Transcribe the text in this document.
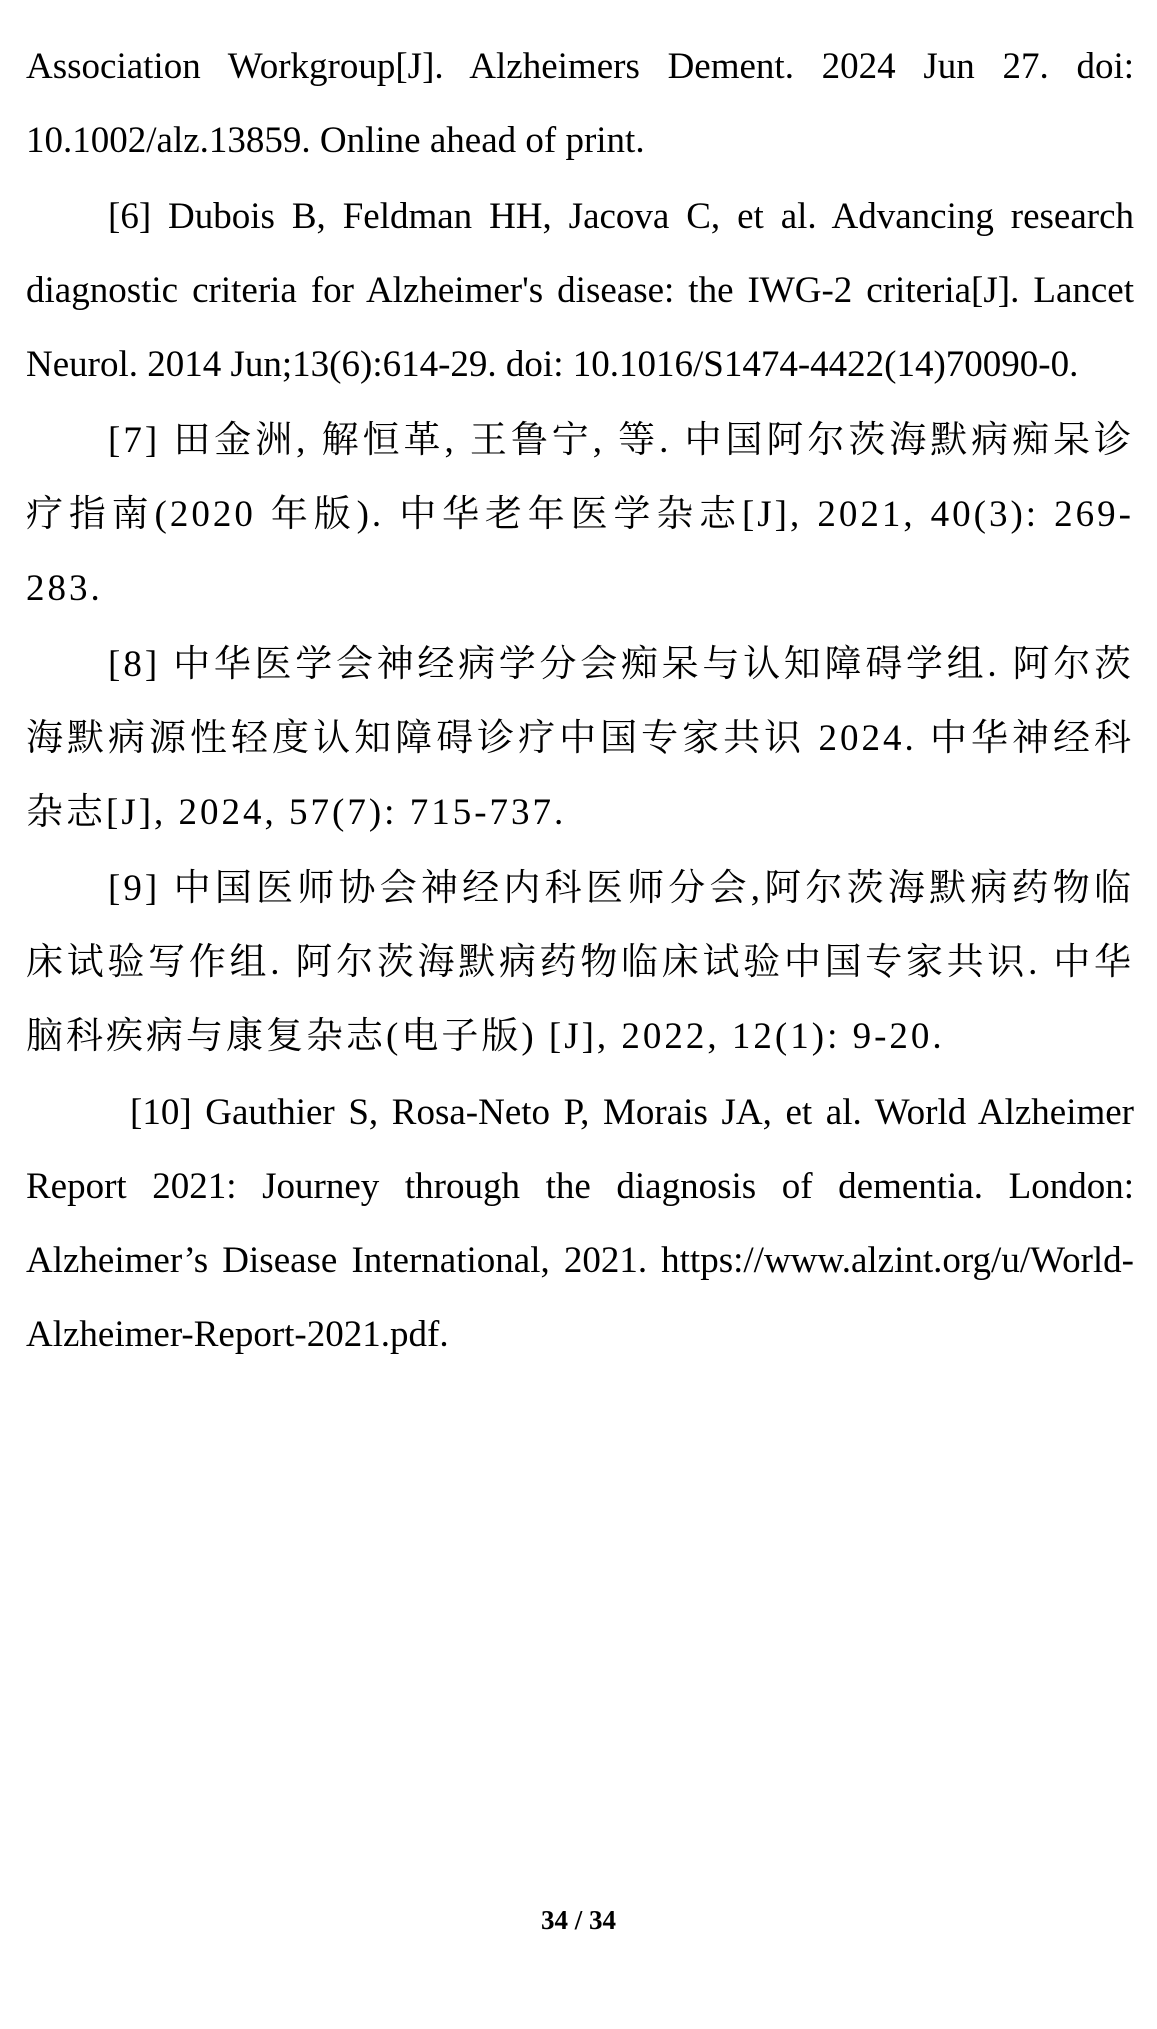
Association Workgroup[J]. Alzheimers Dement. 2024 Jun 27. doi: 10.1002/alz.13859. Online ahead of print.

[6] Dubois B, Feldman HH, Jacova C, et al. Advancing research diagnostic criteria for Alzheimer's disease: the IWG-2 criteria[J]. Lancet Neurol. 2014 Jun;13(6):614-29. doi: 10.1016/S1474-4422(14)70090-0.

[7] 田金洲, 解恒革, 王鲁宁, 等. 中国阿尔茨海默病痴呆诊疗指南(2020 年版). 中华老年医学杂志[J], 2021, 40(3): 269-283.

[8] 中华医学会神经病学分会痴呆与认知障碍学组. 阿尔茨海默病源性轻度认知障碍诊疗中国专家共识 2024. 中华神经科杂志[J], 2024, 57(7): 715-737.

[9] 中国医师协会神经内科医师分会,阿尔茨海默病药物临床试验写作组. 阿尔茨海默病药物临床试验中国专家共识. 中华脑科疾病与康复杂志(电子版) [J], 2022, 12(1): 9-20.

[10] Gauthier S, Rosa-Neto P, Morais JA, et al. World Alzheimer Report 2021: Journey through the diagnosis of dementia. London: Alzheimer’s Disease International, 2021. https://www.alzint.org/u/World-Alzheimer-Report-2021.pdf.

34 / 34
